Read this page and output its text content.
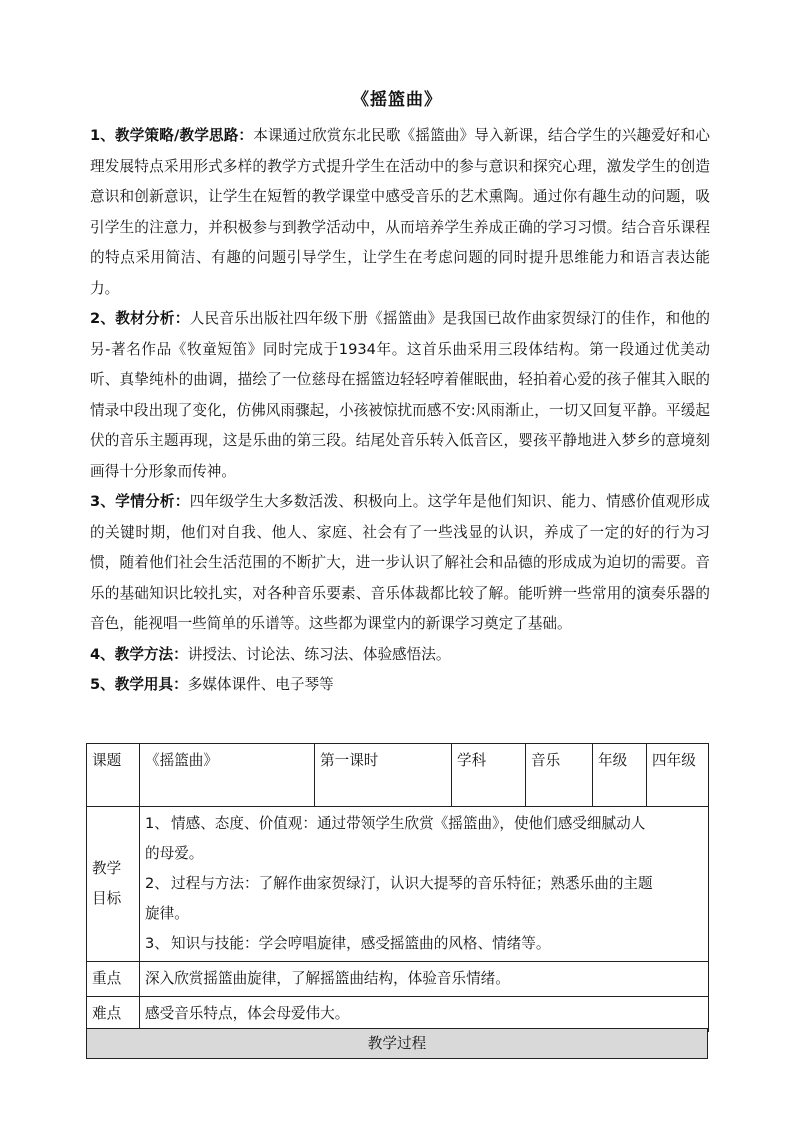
《摇篮曲》

1、教学策略/教学思路：本课通过欣赏东北民歌《摇篮曲》导入新课，结合学生的兴趣爱好和心理发展特点采用形式多样的教学方式提升学生在活动中的参与意识和探究心理，激发学生的创造意识和创新意识，让学生在短暂的教学课堂中感受音乐的艺术熏陶。通过你有趣生动的问题，吸引学生的注意力，并积极参与到教学活动中，从而培养学生养成正确的学习习惯。结合音乐课程的特点采用简洁、有趣的问题引导学生，让学生在考虑问题的同时提升思维能力和语言表达能力。

2、教材分析：人民音乐出版社四年级下册《摇篮曲》是我国已故作曲家贺绿汀的佳作，和他的另-著名作品《牧童短笛》同时完成于1934年。这首乐曲采用三段体结构。第一段通过优美动听、真挚纯朴的曲调，描绘了一位慈母在摇篮边轻轻哼着催眠曲，轻拍着心爱的孩子催其入眠的情录中段出现了变化，仿佛风雨骤起，小孩被惊扰而感不安:风雨渐止，一切又回复平静。平缓起伏的音乐主题再现，这是乐曲的第三段。结尾处音乐转入低音区，婴孩平静地进入梦乡的意境刻画得十分形象而传神。

3、学情分析：四年级学生大多数活泼、积极向上。这学年是他们知识、能力、情感价值观形成的关键时期，他们对自我、他人、家庭、社会有了一些浅显的认识，养成了一定的好的行为习惯，随着他们社会生活范围的不断扩大，进一步认识了解社会和品德的形成成为迫切的需要。音乐的基础知识比较扎实，对各种音乐要素、音乐体裁都比较了解。能听辨一些常用的演奏乐器的音色，能视唱一些简单的乐谱等。这些都为课堂内的新课学习奠定了基础。

4、教学方法：讲授法、讨论法、练习法、体验感悟法。

5、教学用具：多媒体课件、电子琴等

课题	《摇篮曲》	第一课时	学科	音乐	年级	四年级
教学目标	1、 情感、态度、价值观：通过带领学生欣赏《摇篮曲》，使他们感受细腻动人

的母爱。

2、 过程与方法：了解作曲家贺绿汀，认识大提琴的音乐特征；熟悉乐曲的主题

旋律。

3、 知识与技能：学会哼唱旋律，感受摇篮曲的风格、情绪等。					

重点	深入欣赏摇篮曲旋律，了解摇篮曲结构，体验音乐情绪。					
难点	感受音乐特点，体会母爱伟大。					
教学过程
